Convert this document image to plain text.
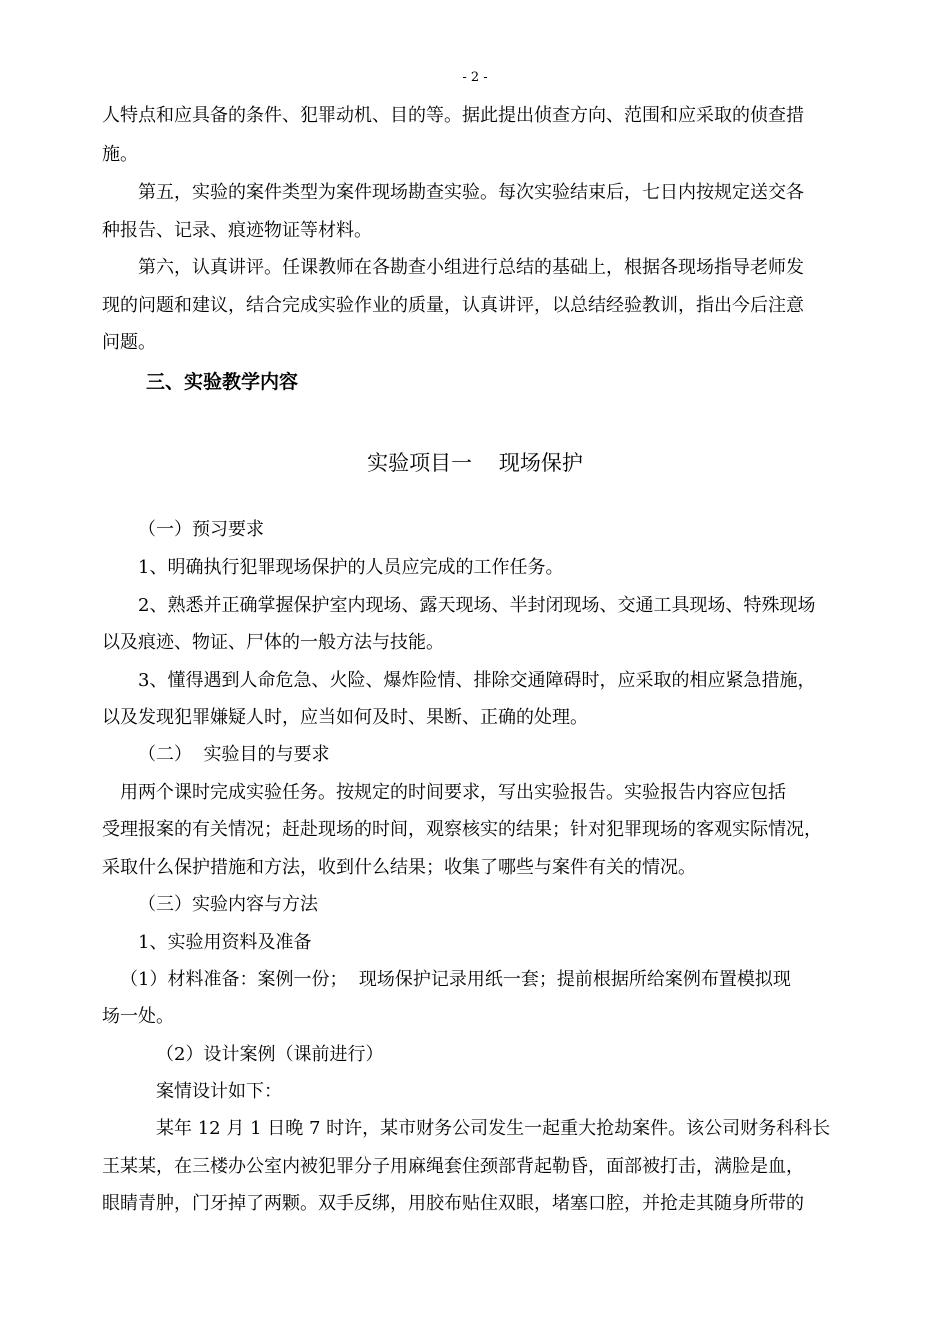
- 2 -
人特点和应具备的条件、犯罪动机、目的等。据此提出侦查方向、范围和应采取的侦查措
施。
第五，实验的案件类型为案件现场勘查实验。每次实验结束后，七日内按规定送交各
种报告、记录、痕迹物证等材料。
第六，认真讲评。任课教师在各勘查小组进行总结的基础上，根据各现场指导老师发
现的问题和建议，结合完成实验作业的质量，认真讲评，以总结经验教训，指出今后注意
问题。
三、实验教学内容
实验项目一    现场保护
（一）预习要求
1、明确执行犯罪现场保护的人员应完成的工作任务。
2、熟悉并正确掌握保护室内现场、露天现场、半封闭现场、交通工具现场、特殊现场
以及痕迹、物证、尸体的一般方法与技能。
3、懂得遇到人命危急、火险、爆炸险情、排除交通障碍时，应采取的相应紧急措施，
以及发现犯罪嫌疑人时，应当如何及时、果断、正确的处理。
（二）  实验目的与要求
用两个课时完成实验任务。按规定的时间要求，写出实验报告。实验报告内容应包括
受理报案的有关情况；赶赴现场的时间，观察核实的结果；针对犯罪现场的客观实际情况，
采取什么保护措施和方法，收到什么结果；收集了哪些与案件有关的情况。
（三）实验内容与方法
1、实验用资料及准备
（1）材料准备：案例一份；  现场保护记录用纸一套；提前根据所给案例布置模拟现
场一处。
（2）设计案例（课前进行）
案情设计如下：
某年 12 月 1 日晚 7 时许，某市财务公司发生一起重大抢劫案件。该公司财务科科长
王某某，在三楼办公室内被犯罪分子用麻绳套住颈部背起勒昏，面部被打击，满脸是血，
眼睛青肿，门牙掉了两颗。双手反绑，用胶布贴住双眼，堵塞口腔，并抢走其随身所带的
